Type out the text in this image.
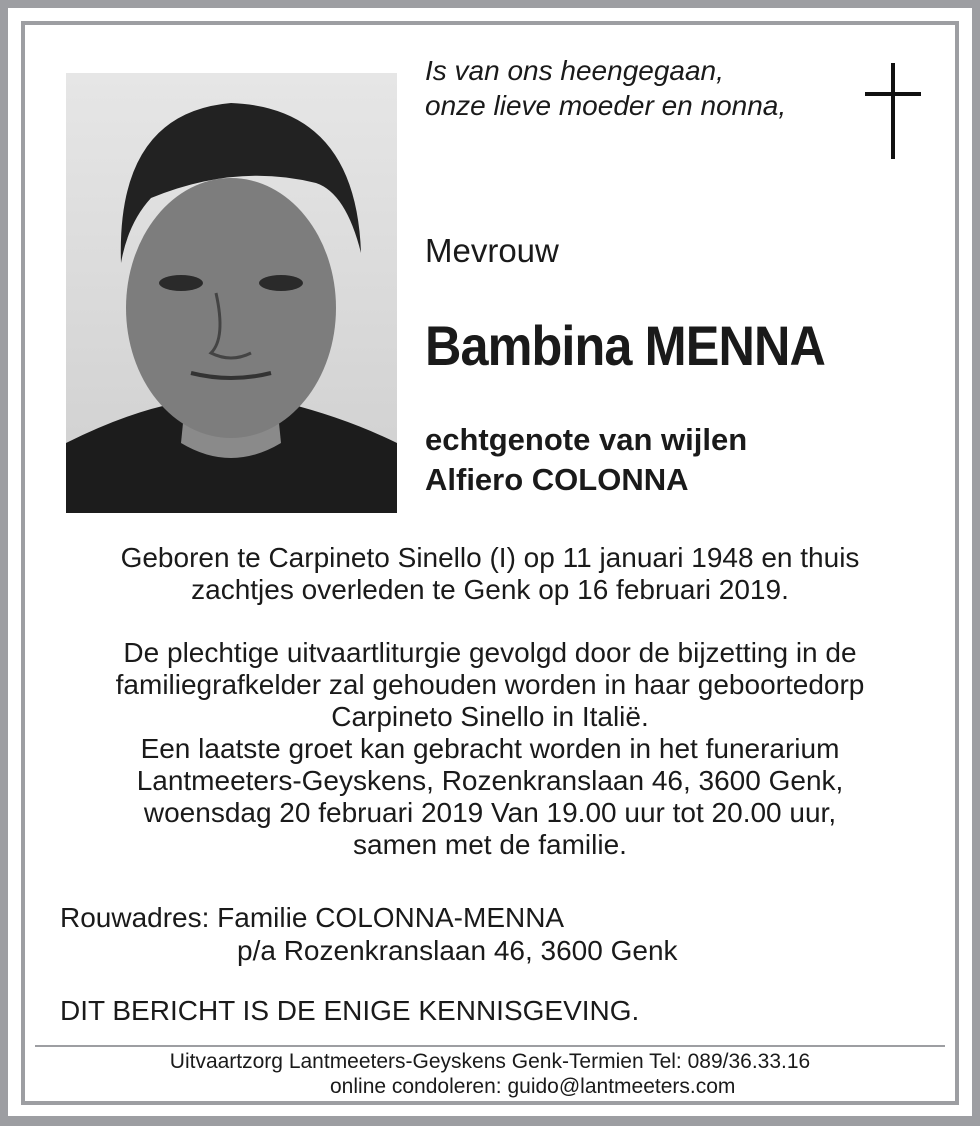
Is van ons heengegaan,
onze lieve moeder en nonna,
Mevrouw
Bambina MENNA
echtgenote van wijlen
Alfiero COLONNA
Geboren te Carpineto Sinello (I) op 11 januari 1948 en thuis
zachtjes overleden te Genk op 16 februari 2019.
De plechtige uitvaartliturgie gevolgd door de bijzetting in de
familiegrafkelder zal gehouden worden in haar geboortedorp
Carpineto Sinello in Italië.
Een laatste groet kan gebracht worden in het funerarium
Lantmeeters-Geyskens, Rozenkranslaan 46, 3600 Genk,
woensdag 20 februari 2019 Van 19.00 uur tot 20.00 uur,
samen met de familie.
Rouwadres: Familie COLONNA-MENNA
p/a Rozenkranslaan 46, 3600 Genk
DIT BERICHT IS DE ENIGE KENNISGEVING.
Uitvaartzorg Lantmeeters-Geyskens Genk-Termien Tel: 089/36.33.16
online condoleren: guido@lantmeeters.com
